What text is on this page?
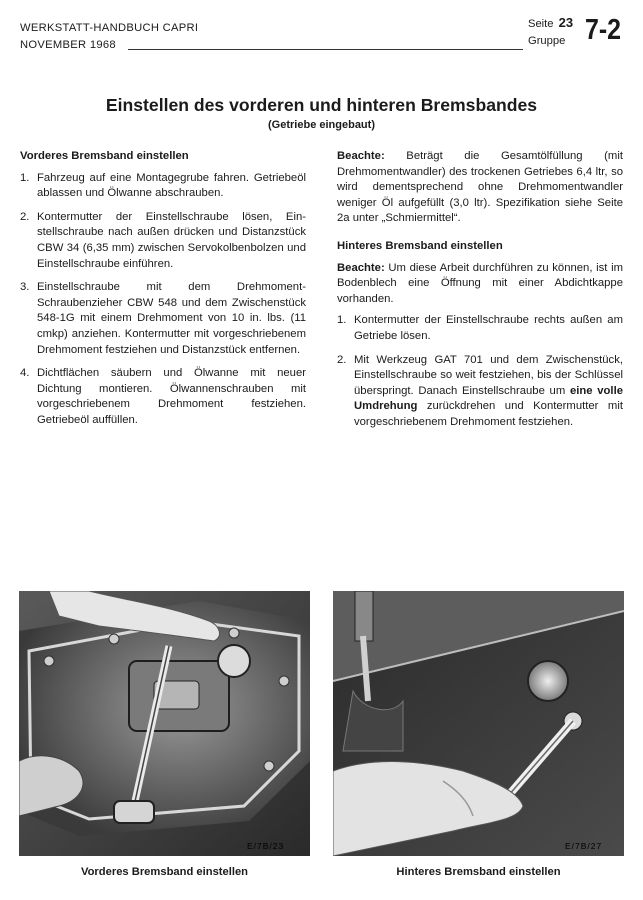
WERKSTATT-HANDBUCH CAPRI
NOVEMBER 1968
Seite 23
Gruppe 7-2
Einstellen des vorderen und hinteren Bremsbandes
(Getriebe eingebaut)
Vorderes Bremsband einstellen
1. Fahrzeug auf eine Montagegrube fahren. Getriebeöl ablassen und Ölwanne abschrauben.
2. Kontermutter der Einstellschraube lösen, Einstellschraube nach außen drücken und Distanzstück CBW 34 (6,35 mm) zwischen Servokolbenbolzen und Einstellschraube einführen.
3. Einstellschraube mit dem Drehmoment-Schraubenzieher CBW 548 und dem Zwischenstück 548-1G mit einem Drehmoment von 10 in. lbs. (11 cmkp) anziehen. Kontermutter mit vorgeschriebenem Drehmoment festziehen und Distanzstück entfernen.
4. Dichtflächen säubern und Ölwanne mit neuer Dichtung montieren. Ölwannenschrauben mit vorgeschriebenem Drehmoment festziehen. Getriebeöl auffüllen.

Beachte: Beträgt die Gesamtölfüllung (mit Drehmomentwandler) des trockenen Getriebes 6,4 ltr, so wird dementsprechend ohne Drehmomentwandler weniger Öl aufgefüllt (3,0 ltr). Spezifikation siehe Seite 2a unter „Schmiermittel“.

Hinteres Bremsband einstellen

Beachte: Um diese Arbeit durchführen zu können, ist im Bodenblech eine Öffnung mit einer Abdichtkappe vorhanden.

1. Kontermutter der Einstellschraube rechts außen am Getriebe lösen.
2. Mit Werkzeug GAT 701 und dem Zwischenstück, Einstellschraube so weit festziehen, bis der Schlüssel überspringt. Danach Einstellschraube um eine volle Umdrehung zurückdrehen und Kontermutter mit vorgeschriebenem Drehmoment festziehen.
E/7B/23	E/7B/27
Vorderes Bremsband einstellen	Hinteres Bremsband einstellen
